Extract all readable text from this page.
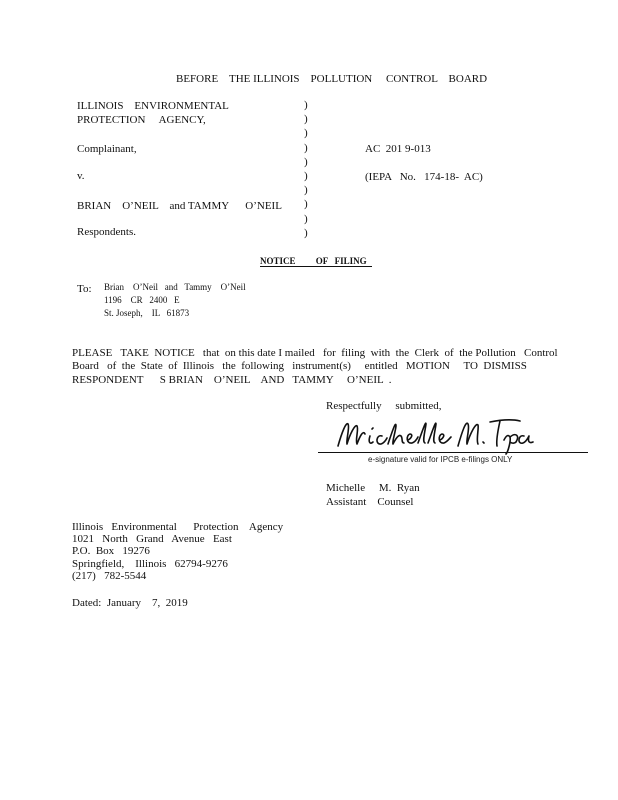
BEFORE    THE ILLINOIS    POLLUTION     CONTROL    BOARD
ILLINOIS    ENVIRONMENTAL
PROTECTION     AGENCY,
Complainant,
v.
BRIAN    O’NEIL    and TAMMY      O’NEIL
Respondents.
)
)
)
)
)
)
)
)
)
)
AC  201 9-013
(IEPA   No.   174-18-  AC)
NOTICE         OF   FILING
To: Brian    O’Neil   and   Tammy    O’Neil
1196    CR   2400   E
St. Joseph,    IL   61873
PLEASE   TAKE  NOTICE   that  on this date I mailed   for  filing  with  the  Clerk  of  the Pollution   Control
Board   of  the  State  of  Illinois   the  following   instrument(s)     entitled   MOTION     TO  DISMISS
RESPONDENT      S BRIAN    O’NEIL    AND   TAMMY     O’NEIL  .
Respectfully     submitted,
e-signature valid for IPCB e-filings ONLY
Michelle     M.  Ryan
Assistant    Counsel
Illinois   Environmental      Protection    Agency
1021   North   Grand   Avenue   East
P.O.  Box   19276
Springfield,    Illinois   62794-9276
(217)   782-5544
Dated:  January    7,  2019
